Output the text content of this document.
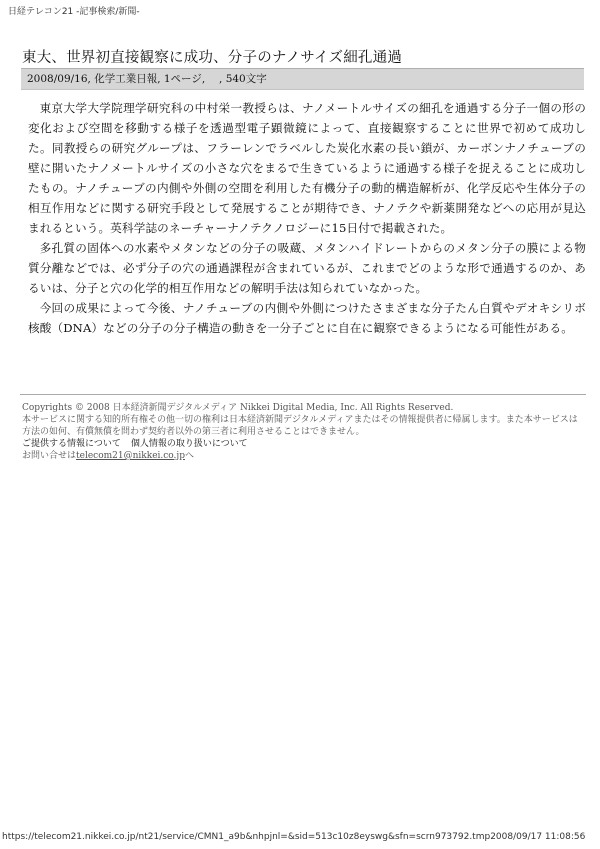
日経テレコン21 -記事検索/新聞-
東大、世界初直接観察に成功、分子のナノサイズ細孔通過
2008/09/16, 化学工業日報, 1ページ, 　, 540文字

東京大学大学院理学研究科の中村栄一教授らは、ナノメートルサイズの細孔を通過する分子一個の形の変化および空間を移動する様子を透過型電子顕微鏡によって、直接観察することに世界で初めて成功した。同教授らの研究グループは、フラーレンでラベルした炭化水素の長い鎖が、カーボンナノチューブの壁に開いたナノメートルサイズの小さな穴をまるで生きているように通過する様子を捉えることに成功したもの。ナノチューブの内側や外側の空間を利用した有機分子の動的構造解析が、化学反応や生体分子の相互作用などに関する研究手段として発展することが期待でき、ナノテクや新薬開発などへの応用が見込まれるという。英科学誌のネーチャーナノテクノロジーに15日付で掲載された。

多孔質の固体への水素やメタンなどの分子の吸蔵、メタンハイドレートからのメタン分子の膜による物質分離などでは、必ず分子の穴の通過課程が含まれているが、これまでどのような形で通過するのか、あるいは、分子と穴の化学的相互作用などの解明手法は知られていなかった。

今回の成果によって今後、ナノチューブの内側や外側につけたさまざまな分子たん白質やデオキシリボ核酸（DNA）などの分子の分子構造の動きを一分子ごとに自在に観察できるようになる可能性がある。

Copyrights © 2008 日本経済新聞デジタルメディア Nikkei Digital Media, Inc. All Rights Reserved.

本サービスに関する知的所有権その他一切の権利は日本経済新聞デジタルメディアまたはその情報提供者に帰属します。また本サービスは方法の如何、有償無償を問わず契約者以外の第三者に利用させることはできません。

ご提供する情報について 個人情報の取り扱いについて
お問い合せはtelecom21@nikkei.co.jpへ
https://telecom21.nikkei.co.jp/nt21/service/CMN1_a9b&nhpjnl=&sid=513c10z8eyswg&sfn=scrn973792.tmp2008/09/17 11:08:56
